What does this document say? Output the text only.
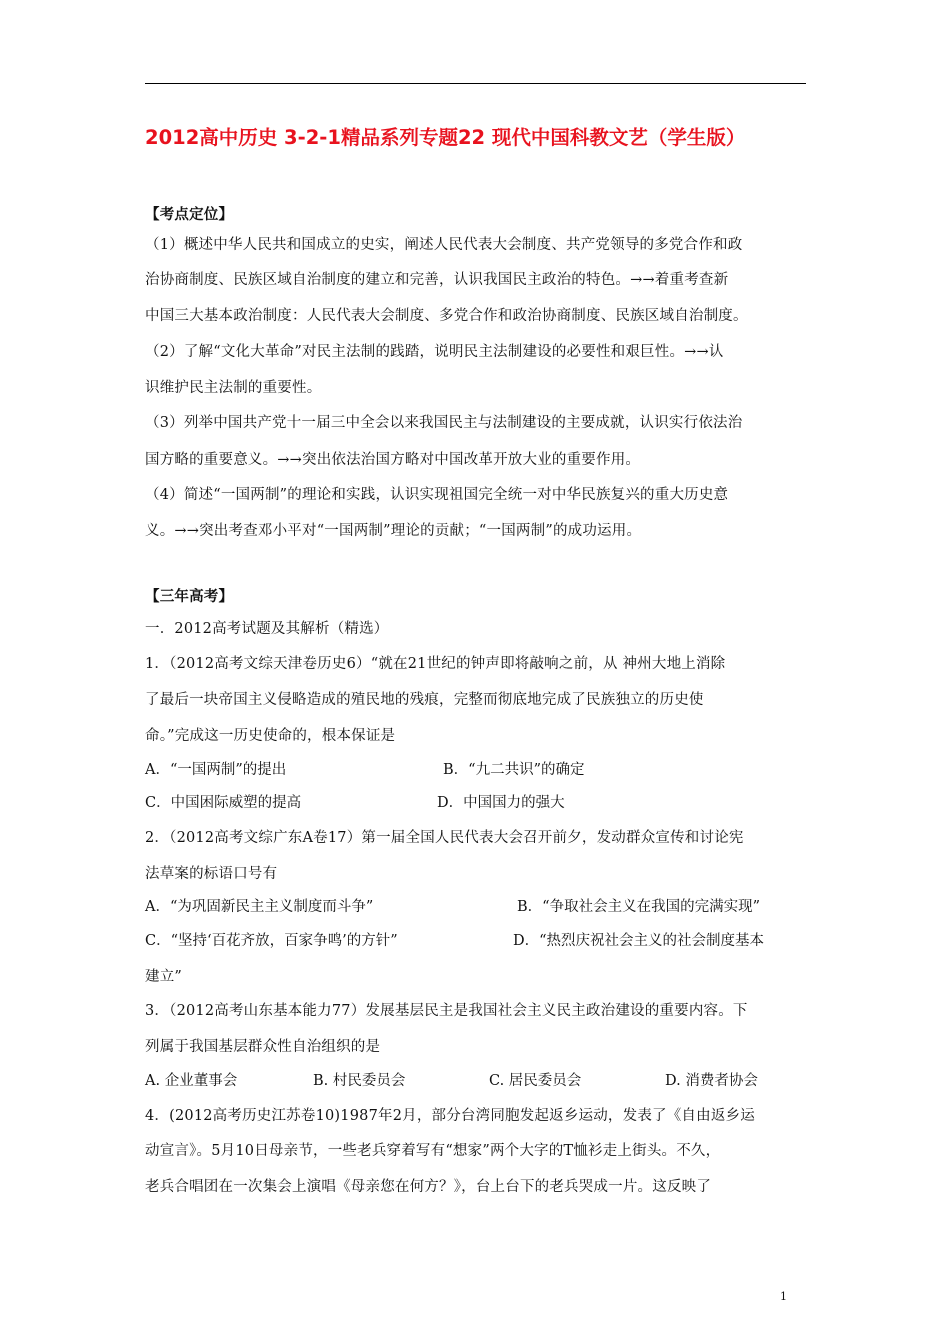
2012高中历史 3-2-1精品系列专题22 现代中国科教文艺（学生版）
【考点定位】
（1）概述中华人民共和国成立的史实，阐述人民代表大会制度、共产党领导的多党合作和政
治协商制度、民族区域自治制度的建立和完善，认识我国民主政治的特色。→→着重考查新
中国三大基本政治制度：人民代表大会制度、多党合作和政治协商制度、民族区域自治制度。
（2）了解“文化大革命”对民主法制的践踏，说明民主法制建设的必要性和艰巨性。→→认
识维护民主法制的重要性。
（3）列举中国共产党十一届三中全会以来我国民主与法制建设的主要成就，认识实行依法治
国方略的重要意义。→→突出依法治国方略对中国改革开放大业的重要作用。
（4）简述“一国两制”的理论和实践，认识实现祖国完全统一对中华民族复兴的重大历史意
义。→→突出考查邓小平对“一国两制”理论的贡献；“一国两制”的成功运用。
【三年高考】
一．2012高考试题及其解析（精选）
1．（2012高考文综天津卷历史6）“就在21世纪的钟声即将敲响之前，从 神州大地上消除
了最后一块帝国主义侵略造成的殖民地的残痕，完整而彻底地完成了民族独立的历史使
命。”完成这一历史使命的，根本保证是
A．“一国两制”的提出	B．“九二共识”的确定
C．中国困际威塑的提高	D．中国国力的强大
2．（2012高考文综广东A卷17）第一届全国人民代表大会召开前夕，发动群众宣传和讨论宪
法草案的标语口号有
A．“为巩固新民主主义制度而斗争”	B．“争取社会主义在我国的完满实现”
C．“坚持‘百花齐放，百家争鸣’的方针”	D．“热烈庆祝社会主义的社会制度基本
建立”
3．（2012高考山东基本能力77）发展基层民主是我国社会主义民主政治建设的重要内容。下
列属于我国基层群众性自治组织的是
A. 企业董事会	B. 村民委员会	C. 居民委员会	D. 消费者协会
4．(2012高考历史江苏卷10)1987年2月，部分台湾同胞发起返乡运动，发表了《自由返乡运
动宣言》。5月10日母亲节，一些老兵穿着写有“想家”两个大字的T恤衫走上街头。不久，
老兵合唱团在一次集会上演唱《母亲您在何方？》，台上台下的老兵哭成一片。这反映了
1
